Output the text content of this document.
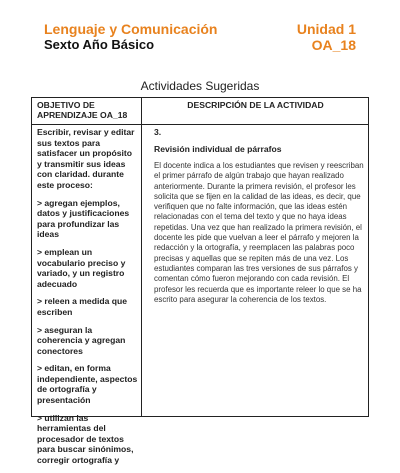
Lenguaje y Comunicación
Sexto Año Básico
Unidad 1
OA_18
Actividades Sugeridas
OBJETIVO DE APRENDIZAJE OA_18
DESCRIPCIÓN DE LA ACTIVIDAD

Escribir, revisar y editar sus textos para satisfacer un propósito y transmitir sus ideas con claridad. durante este proceso:

> agregan ejemplos, datos y justificaciones para profundizar las ideas

> emplean un vocabulario preciso y variado, y un registro adecuado

> releen a medida que escriben

> aseguran la coherencia y agregan conectores

> editan, en forma independiente, aspectos de ortografía y presentación

> utilizan las herramientas del procesador de textos para buscar sinónimos, corregir ortografía y

3.

Revisión individual de párrafos

El docente indica a los estudiantes que revisen y reescriban el primer párrafo de algún trabajo que hayan realizado anteriormente. Durante la primera revisión, el profesor les solicita que se fijen en la calidad de las ideas, es decir, que verifiquen que no falte información, que las ideas estén relacionadas con el tema del texto y que no haya ideas repetidas. Una vez que han realizado la primera revisión, el docente les pide que vuelvan a leer el párrafo y mejoren la redacción y la ortografía, y reemplacen las palabras poco precisas y aquellas que se repiten más de una vez. Los estudiantes comparan las tres versiones de sus párrafos y comentan cómo fueron mejorando con cada revisión. El profesor les recuerda que es importante releer lo que se ha escrito para asegurar la coherencia de los textos.
